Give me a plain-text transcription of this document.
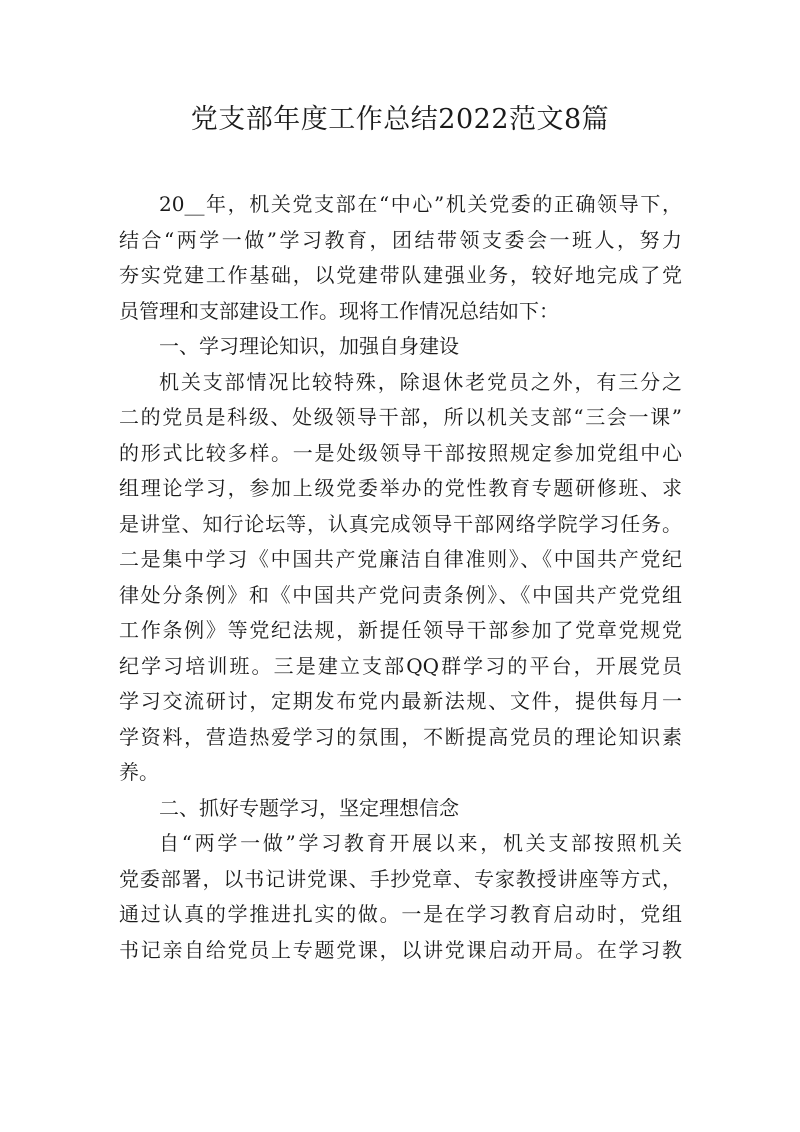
党支部年度工作总结2022范文8篇
20__年，机关党支部在“中心”机关党委的正确领导下，
结合“两学一做”学习教育，团结带领支委会一班人，努力
夯实党建工作基础，以党建带队建强业务，较好地完成了党
员管理和支部建设工作。现将工作情况总结如下：
一、学习理论知识，加强自身建设
机关支部情况比较特殊，除退休老党员之外，有三分之
二的党员是科级、处级领导干部，所以机关支部“三会一课”
的形式比较多样。一是处级领导干部按照规定参加党组中心
组理论学习，参加上级党委举办的党性教育专题研修班、求
是讲堂、知行论坛等，认真完成领导干部网络学院学习任务。
二是集中学习《中国共产党廉洁自律准则》、《中国共产党纪
律处分条例》和《中国共产党问责条例》、《中国共产党党组
工作条例》等党纪法规，新提任领导干部参加了党章党规党
纪学习培训班。三是建立支部QQ群学习的平台，开展党员
学习交流研讨，定期发布党内最新法规、文件，提供每月一
学资料，营造热爱学习的氛围，不断提高党员的理论知识素
养。
二、抓好专题学习，坚定理想信念
自“两学一做”学习教育开展以来，机关支部按照机关
党委部署，以书记讲党课、手抄党章、专家教授讲座等方式，
通过认真的学推进扎实的做。一是在学习教育启动时，党组
书记亲自给党员上专题党课，以讲党课启动开局。在学习教
